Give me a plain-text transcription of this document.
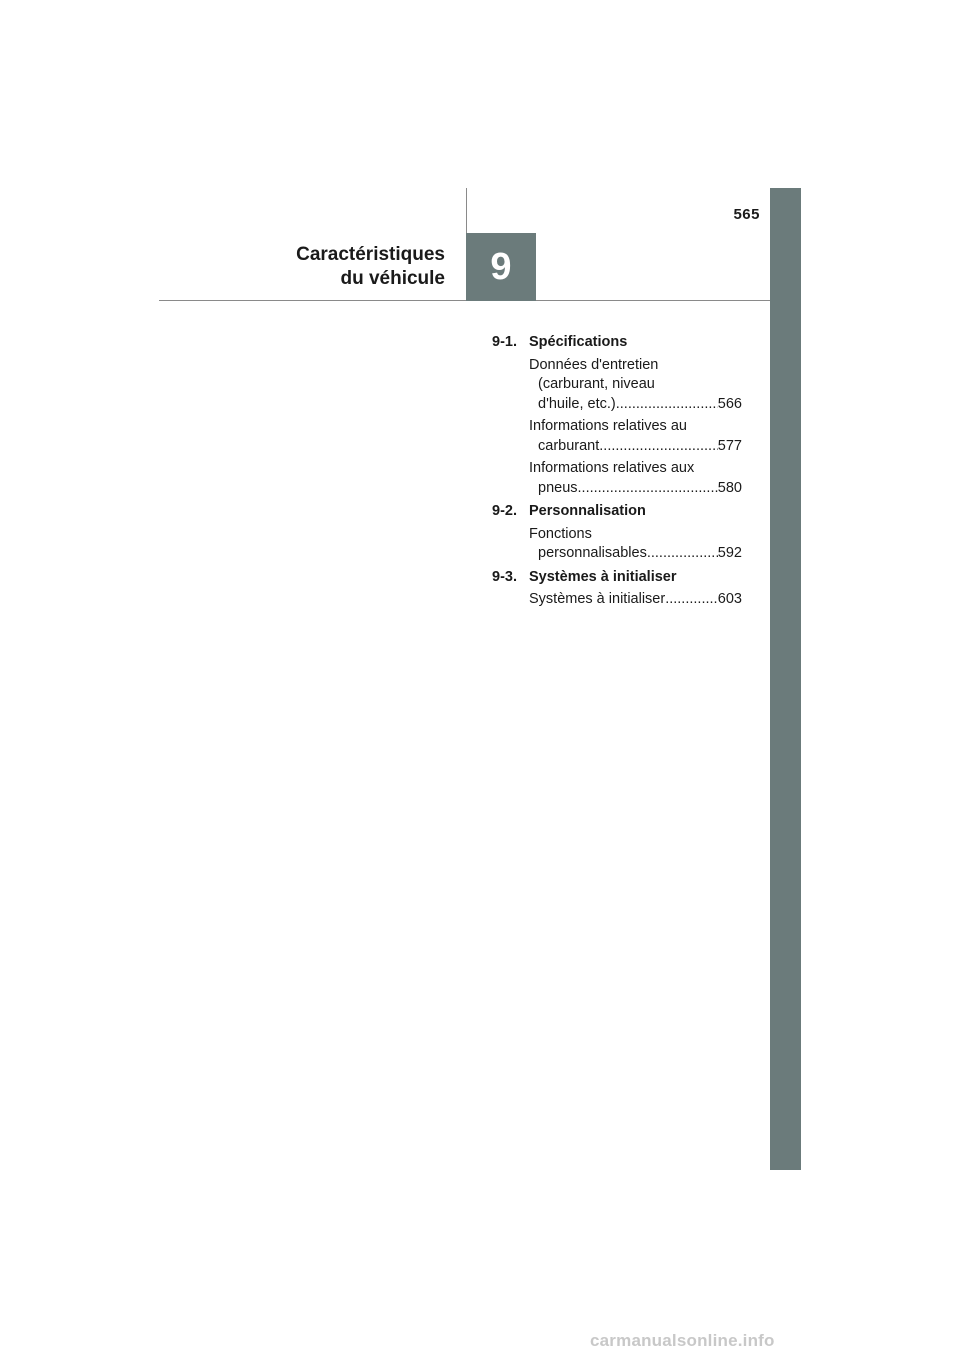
565
Caractéristiques
du véhicule	9
9-1. Spécifications
Données d'entretien
(carburant, niveau
d'huile, etc.) .....	566
Informations relatives au
carburant .....	577
Informations relatives aux
pneus .....	580
9-2. Personnalisation
Fonctions
personnalisables .....	592
9-3. Systèmes à initialiser
Systèmes à initialiser .....	603
carmanualsonline.info
